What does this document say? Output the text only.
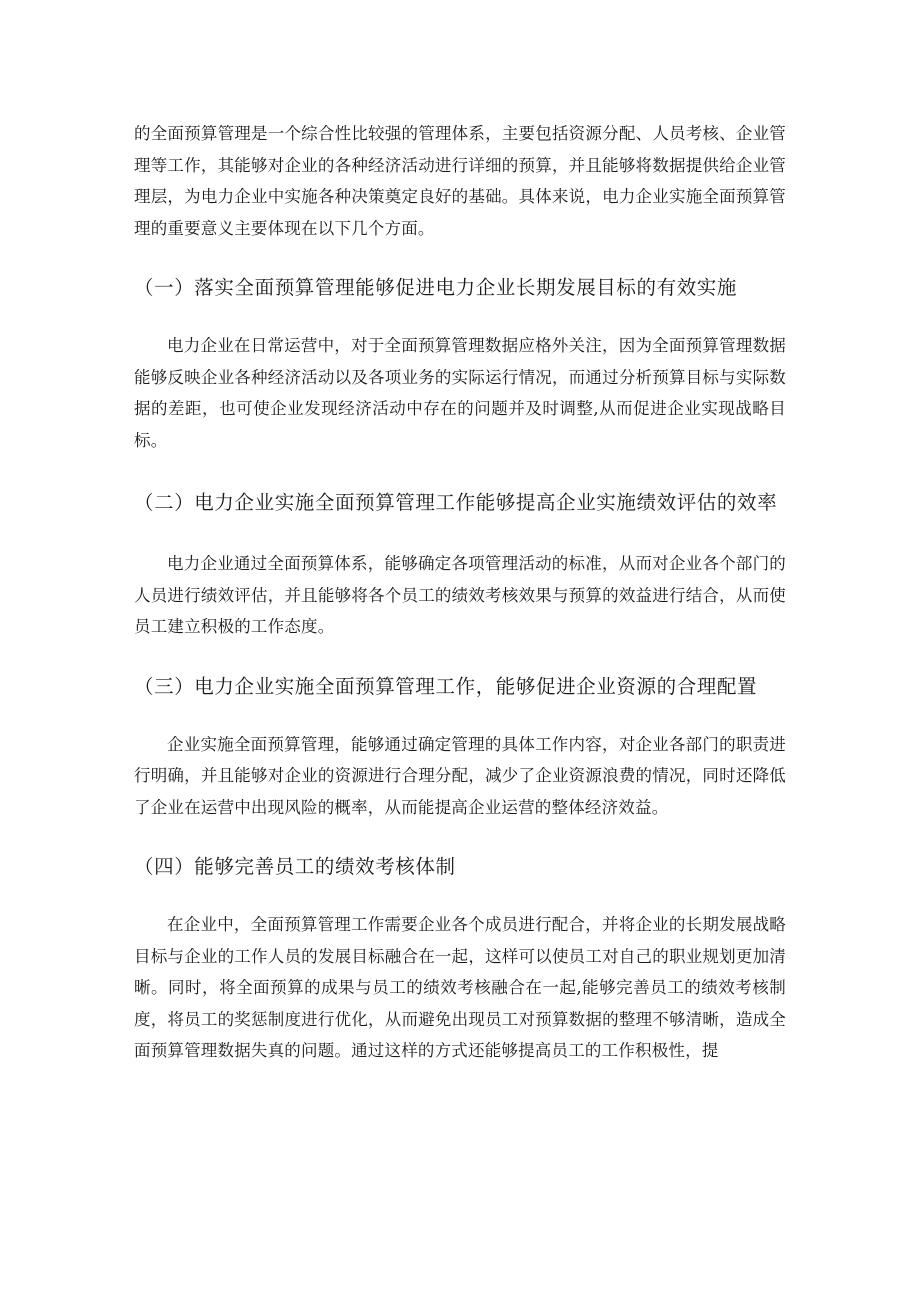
的全面预算管理是一个综合性比较强的管理体系，主要包括资源分配、人员考核、企业管理等工作，其能够对企业的各种经济活动进行详细的预算，并且能够将数据提供给企业管理层，为电力企业中实施各种决策奠定良好的基础。具体来说，电力企业实施全面预算管理的重要意义主要体现在以下几个方面。

（一）落实全面预算管理能够促进电力企业长期发展目标的有效实施

电力企业在日常运营中，对于全面预算管理数据应格外关注，因为全面预算管理数据能够反映企业各种经济活动以及各项业务的实际运行情况，而通过分析预算目标与实际数据的差距，也可使企业发现经济活动中存在的问题并及时调整,从而促进企业实现战略目标。

（二）电力企业实施全面预算管理工作能够提高企业实施绩效评估的效率

电力企业通过全面预算体系，能够确定各项管理活动的标准，从而对企业各个部门的人员进行绩效评估，并且能够将各个员工的绩效考核效果与预算的效益进行结合，从而使员工建立积极的工作态度。

（三）电力企业实施全面预算管理工作，能够促进企业资源的合理配置

企业实施全面预算管理，能够通过确定管理的具体工作内容，对企业各部门的职责进行明确，并且能够对企业的资源进行合理分配，减少了企业资源浪费的情况，同时还降低了企业在运营中出现风险的概率，从而能提高企业运营的整体经济效益。

（四）能够完善员工的绩效考核体制

在企业中，全面预算管理工作需要企业各个成员进行配合，并将企业的长期发展战略目标与企业的工作人员的发展目标融合在一起，这样可以使员工对自己的职业规划更加清晰。同时，将全面预算的成果与员工的绩效考核融合在一起,能够完善员工的绩效考核制度，将员工的奖惩制度进行优化，从而避免出现员工对预算数据的整理不够清晰，造成全面预算管理数据失真的问题。通过这样的方式还能够提高员工的工作积极性，提
